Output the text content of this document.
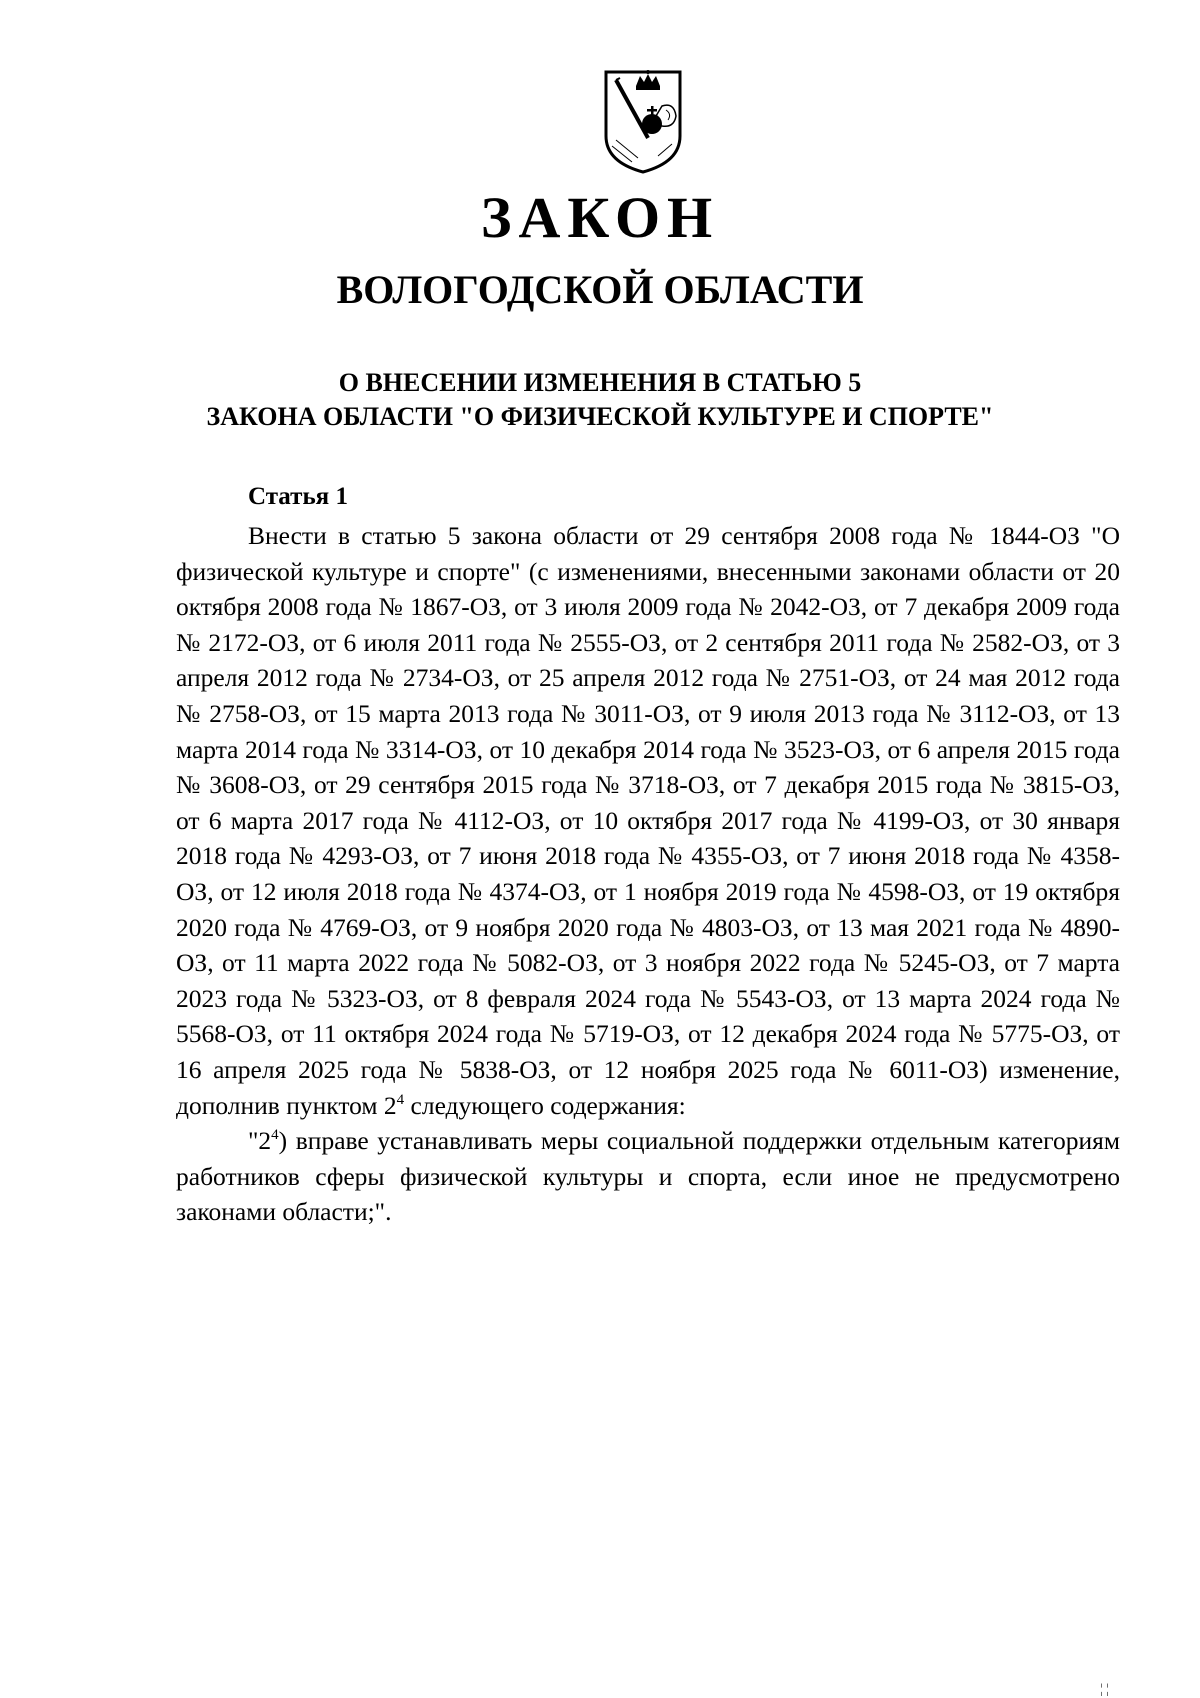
ЗАКОН
ВОЛОГОДСКОЙ ОБЛАСТИ
О ВНЕСЕНИИ ИЗМЕНЕНИЯ В СТАТЬЮ 5
ЗАКОНА ОБЛАСТИ "О ФИЗИЧЕСКОЙ КУЛЬТУРЕ И СПОРТЕ"
Статья 1

Внести в статью 5 закона области от 29 сентября 2008 года № 1844-ОЗ "О физической культуре и спорте" (с изменениями, внесенными законами области от 20 октября 2008 года № 1867-ОЗ, от 3 июля 2009 года № 2042-ОЗ, от 7 декабря 2009 года № 2172-ОЗ, от 6 июля 2011 года № 2555-ОЗ, от 2 сентября 2011 года № 2582-ОЗ, от 3 апреля 2012 года № 2734-ОЗ, от 25 апреля 2012 года № 2751-ОЗ, от 24 мая 2012 года № 2758-ОЗ, от 15 марта 2013 года № 3011-ОЗ, от 9 июля 2013 года № 3112-ОЗ, от 13 марта 2014 года № 3314-ОЗ, от 10 декабря 2014 года № 3523-ОЗ, от 6 апреля 2015 года № 3608-ОЗ, от 29 сентября 2015 года № 3718-ОЗ, от 7 декабря 2015 года № 3815-ОЗ, от 6 марта 2017 года № 4112-ОЗ, от 10 октября 2017 года № 4199-ОЗ, от 30 января 2018 года № 4293-ОЗ, от 7 июня 2018 года № 4355-ОЗ, от 7 июня 2018 года № 4358-ОЗ, от 12 июля 2018 года № 4374-ОЗ, от 1 ноября 2019 года № 4598-ОЗ, от 19 октября 2020 года № 4769-ОЗ, от 9 ноября 2020 года № 4803-ОЗ, от 13 мая 2021 года № 4890-ОЗ, от 11 марта 2022 года № 5082-ОЗ, от 3 ноября 2022 года № 5245-ОЗ, от 7 марта 2023 года № 5323-ОЗ, от 8 февраля 2024 года № 5543-ОЗ, от 13 марта 2024 года № 5568-ОЗ, от 11 октября 2024 года № 5719-ОЗ, от 12 декабря 2024 года № 5775-ОЗ, от 16 апреля 2025 года № 5838-ОЗ, от 12 ноября 2025 года № 6011-ОЗ) изменение, дополнив пунктом $2^4$ следующего содержания:

"$2^4$) вправе устанавливать меры социальной поддержки отдельным категориям работников сферы физической культуры и спорта, если иное не предусмотрено законами области;".

¦ ¦
